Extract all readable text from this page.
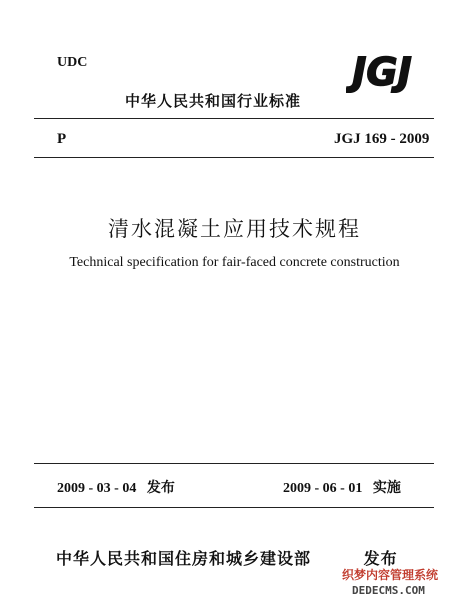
UDC	JGJ
中华人民共和国行业标准
P	JGJ 169 - 2009
清水混凝土应用技术规程
Technical specification for fair-faced concrete construction
2009 - 03 - 04   发布	2009 - 06 - 01   实施
中华人民共和国住房和城乡建设部        发布
织梦内容管理系统
DEDECMS.COM
